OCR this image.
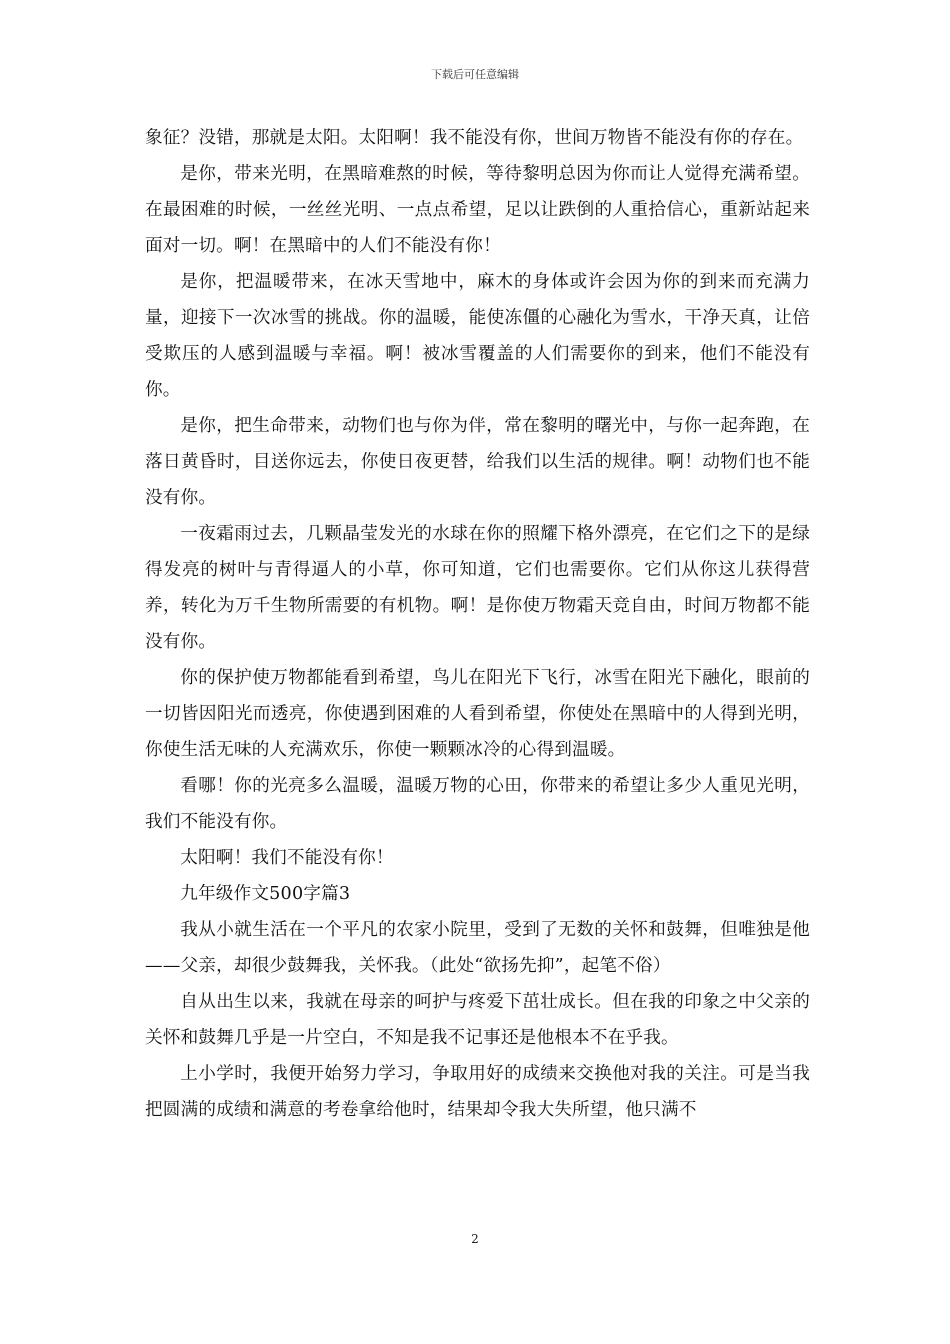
下载后可任意编辑

象征？没错，那就是太阳。太阳啊！我不能没有你，世间万物皆不能没有你的存在。

是你，带来光明，在黑暗难熬的时候，等待黎明总因为你而让人觉得充满希望。在最困难的时候，一丝丝光明、一点点希望，足以让跌倒的人重拾信心，重新站起来面对一切。啊！在黑暗中的人们不能没有你！

是你，把温暖带来，在冰天雪地中，麻木的身体或许会因为你的到来而充满力量，迎接下一次冰雪的挑战。你的温暖，能使冻僵的心融化为雪水，干净天真，让倍受欺压的人感到温暖与幸福。啊！被冰雪覆盖的人们需要你的到来，他们不能没有你。

是你，把生命带来，动物们也与你为伴，常在黎明的曙光中，与你一起奔跑，在落日黄昏时，目送你远去，你使日夜更替，给我们以生活的规律。啊！动物们也不能没有你。

一夜霜雨过去，几颗晶莹发光的水球在你的照耀下格外漂亮，在它们之下的是绿得发亮的树叶与青得逼人的小草，你可知道，它们也需要你。它们从你这儿获得营养，转化为万千生物所需要的有机物。啊！是你使万物霜天竞自由，时间万物都不能没有你。

你的保护使万物都能看到希望，鸟儿在阳光下飞行，冰雪在阳光下融化，眼前的一切皆因阳光而透亮，你使遇到困难的人看到希望，你使处在黑暗中的人得到光明，你使生活无味的人充满欢乐，你使一颗颗冰冷的心得到温暖。

看哪！你的光亮多么温暖，温暖万物的心田，你带来的希望让多少人重见光明，我们不能没有你。

太阳啊！我们不能没有你！

九年级作文500字篇3

我从小就生活在一个平凡的农家小院里，受到了无数的关怀和鼓舞，但唯独是他——父亲，却很少鼓舞我，关怀我。（此处“欲扬先抑”，起笔不俗）

自从出生以来，我就在母亲的呵护与疼爱下茁壮成长。但在我的印象之中父亲的关怀和鼓舞几乎是一片空白，不知是我不记事还是他根本不在乎我。

上小学时，我便开始努力学习，争取用好的成绩来交换他对我的关注。可是当我把圆满的成绩和满意的考卷拿给他时，结果却令我大失所望，他只满不

2
